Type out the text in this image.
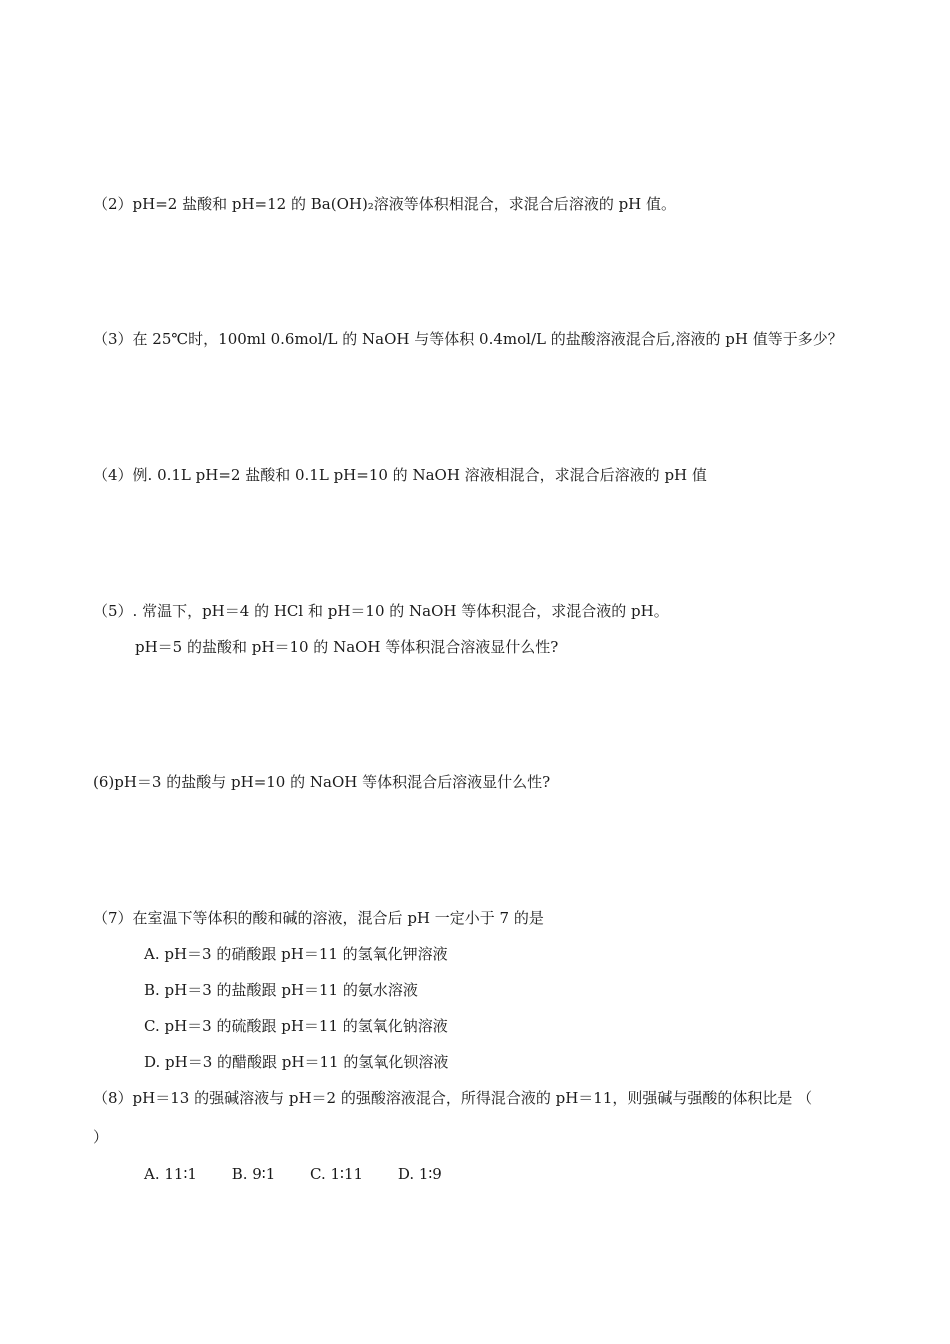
（2）pH=2 盐酸和 pH=12 的 Ba(OH)₂溶液等体积相混合，求混合后溶液的 pH 值。
（3）在 25℃时，100ml 0.6mol/L 的 NaOH 与等体积 0.4mol/L 的盐酸溶液混合后,溶液的 pH 值等于多少？
（4）例. 0.1L pH=2 盐酸和 0.1L pH=10 的 NaOH 溶液相混合，求混合后溶液的 pH 值
（5）. 常温下，pH＝4 的 HCl 和 pH＝10 的 NaOH 等体积混合，求混合液的 pH。
pH＝5 的盐酸和 pH＝10 的 NaOH 等体积混合溶液显什么性?
(6)pH＝3 的盐酸与 pH=10 的 NaOH 等体积混合后溶液显什么性?
（7）在室温下等体积的酸和碱的溶液，混合后 pH 一定小于 7 的是
A. pH＝3 的硝酸跟 pH＝11 的氢氧化钾溶液
B. pH＝3 的盐酸跟 pH＝11 的氨水溶液
C. pH＝3 的硫酸跟 pH＝11 的氢氧化钠溶液
D. pH＝3 的醋酸跟 pH＝11 的氢氧化钡溶液
（8）pH＝13 的强碱溶液与 pH＝2 的强酸溶液混合，所得混合液的 pH＝11，则强碱与强酸的体积比是 （
）
A. 11∶1 B. 9∶1 C. 1∶11 D. 1∶9
